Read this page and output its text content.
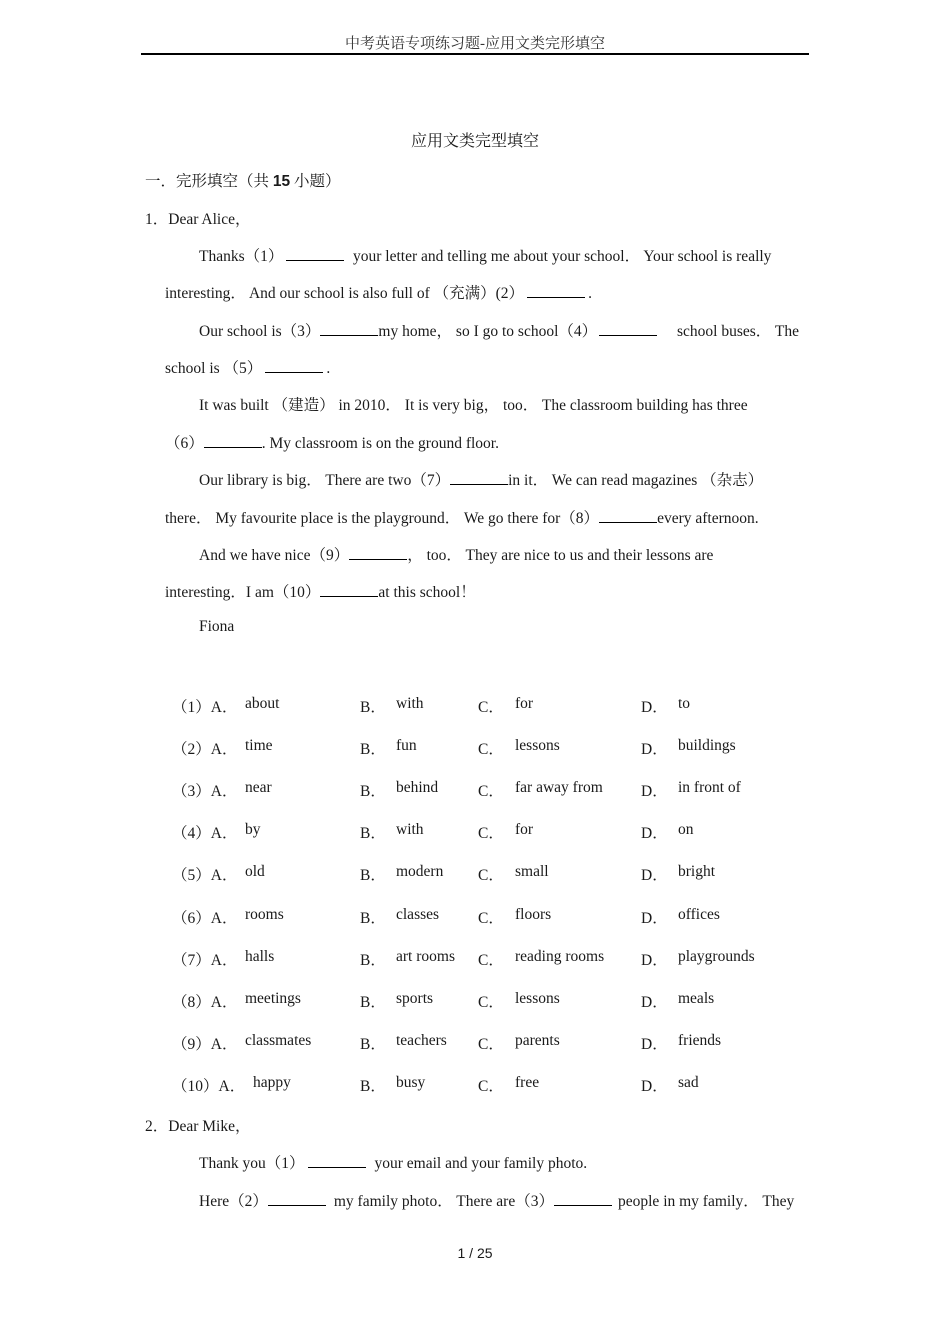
中考英语专项练习题-应用文类完形填空
应用文类完型填空
一．完形填空（共 15 小题）
1．Dear Alice，
Thanks（1）	your letter and telling me about your school． Your school is really
interesting． And our school is also full of （充满）(2）	.
Our school is（3）	my home， so I go to school（4）	school buses． The
school is （5）	.
It was built （建造） in 2010． It is very big， too． The classroom building has three
（6）	. My classroom is on the ground floor.
Our library is big． There are two（7）	in it． We can read magazines （杂志）
there． My favourite place is the playground． We go there for（8）	every afternoon.
And we have nice（9）	， too． They are nice to us and their lessons are
interesting．I am（10）	at this school！
Fiona
（1）A． about	B． with	C． for	D． to
（2）A． time	B． fun	C． lessons	D． buildings
（3）A． near	B． behind	C． far away from D． in front of
（4）A． by	B． with	C． for	D． on
（5）A． old	B． modern C． small	D． bright
（6）A． rooms	B． classes	C． floors	D． offices
（7）A． halls	B． art rooms C． reading rooms D． playgrounds
（8）A． meetings	B． sports	C． lessons	D． meals
（9）A． classmates	B． teachers C． parents	D． friends
（10）A． happy	B． busy	C． free	D． sad
2．Dear Mike，
Thank you（1）	your email and your family photo.
Here（2）	my family photo． There are（3）	people in my family． They
1 / 25
